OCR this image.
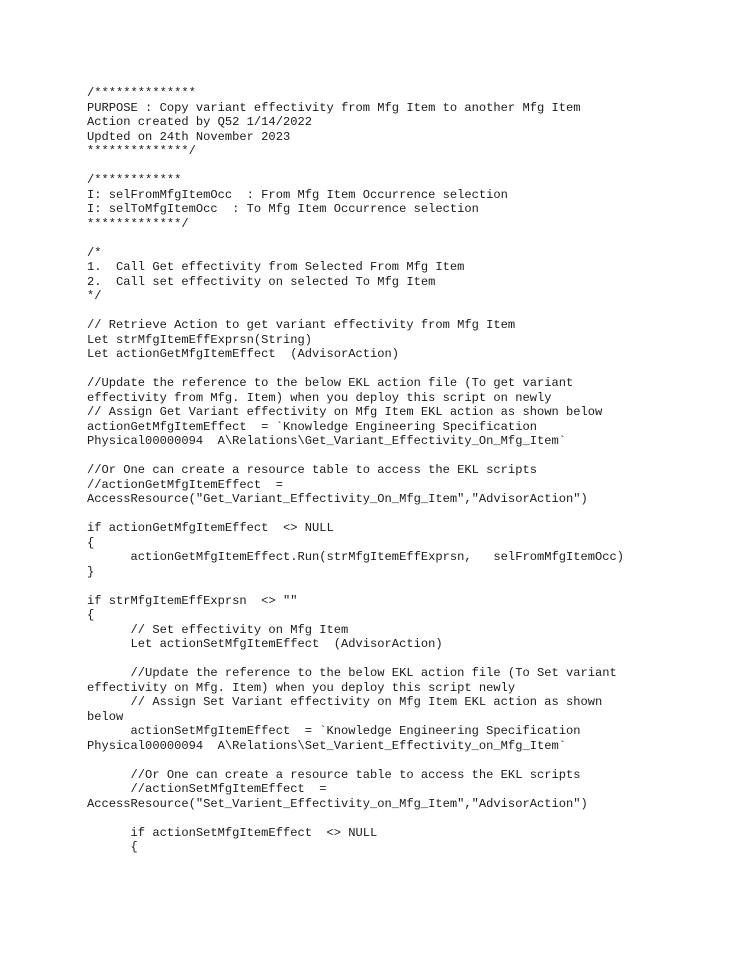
/**************
PURPOSE : Copy variant effectivity from Mfg Item to another Mfg Item
Action created by Q52 1/14/2022
Updted on 24th November 2023
**************/

/************
I: selFromMfgItemOcc  : From Mfg Item Occurrence selection
I: selToMfgItemOcc  : To Mfg Item Occurrence selection
*************/

/*
1.  Call Get effectivity from Selected From Mfg Item
2.  Call set effectivity on selected To Mfg Item
*/

// Retrieve Action to get variant effectivity from Mfg Item
Let strMfgItemEffExprsn(String)
Let actionGetMfgItemEffect  (AdvisorAction)

//Update the reference to the below EKL action file (To get variant
effectivity from Mfg. Item) when you deploy this script on newly
// Assign Get Variant effectivity on Mfg Item EKL action as shown below
actionGetMfgItemEffect  = `Knowledge Engineering Specification
Physical00000094  A\Relations\Get_Variant_Effectivity_On_Mfg_Item`

//Or One can create a resource table to access the EKL scripts
//actionGetMfgItemEffect  =
AccessResource("Get_Variant_Effectivity_On_Mfg_Item","AdvisorAction")

if actionGetMfgItemEffect  <> NULL
{
actionGetMfgItemEffect.Run(strMfgItemEffExprsn,   selFromMfgItemOcc)
}

if strMfgItemEffExprsn  <> ""
{
// Set effectivity on Mfg Item
Let actionSetMfgItemEffect  (AdvisorAction)

//Update the reference to the below EKL action file (To Set variant
effectivity on Mfg. Item) when you deploy this script newly
// Assign Set Variant effectivity on Mfg Item EKL action as shown
below
actionSetMfgItemEffect  = `Knowledge Engineering Specification
Physical00000094  A\Relations\Set_Varient_Effectivity_on_Mfg_Item`

//Or One can create a resource table to access the EKL scripts
//actionSetMfgItemEffect  =
AccessResource("Set_Varient_Effectivity_on_Mfg_Item","AdvisorAction")

if actionSetMfgItemEffect  <> NULL
{
